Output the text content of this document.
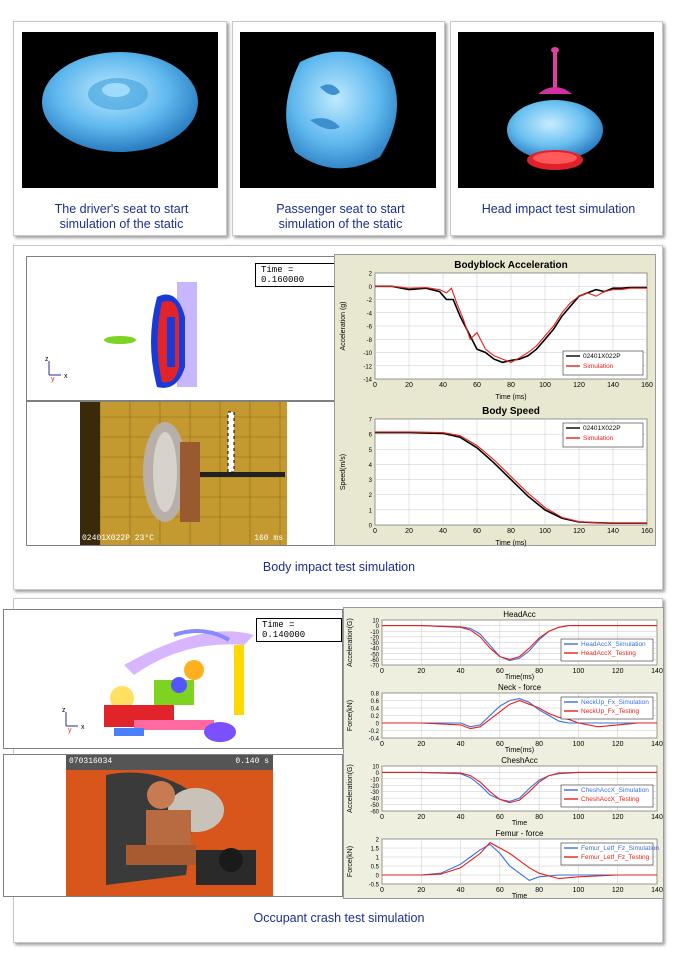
The driver's seat to start simulation of the static
Passenger seat to start simulation of the static
Head impact test simulation
Time = 0.160000
z
y x
02401X022P 23°C	160 ms
Bodyblock Acceleration
0	20	40	60	80	100	120	140	160
2
0
-2
-4
-6
-8
-10
-12
-14
Time (ms)
Acceleration (g)
02401X022P
Simulation
Body Speed
0	20	40	60	80	100	120	140	160
7
6
5
4
3
2
1
0
Time (ms)
Speed(m/s)
02401X022P
Simulation
Body impact test simulation
Time = 0.140000
z
y x
070316034	0.140 s
HeadAcc
0	20	40	60	80	100	120	140
10
0
-10
-20
-30
-40
-50
-60
-70
Time(ms)
Acceleration(G)	HeadAccX_Simulation
HeadAccX_Testing
Neck - force
0	20	40	60	80	100	120	140
0.8
0.6
0.4
0.2
0
-0.2
-0.4
Time(ms)
Force(kN)	NeckUp_Fx_Simulation
NeckUp_Fx_Testing
CheshAcc
0	20	40	60	80	100	120	140
10
0
-10
-20
-30
-40
-50
-60
Time
Acceleration(G)	CheshAccX_Simulation
CheshAccX_Testing
Femur - force
0	20	40	60	80	100	120	140
2
1.5
1
0.5
0
-0.5
Time
Force(kN)	Femur_Letf_Fz_Simulation
Femur_Letf_Fz_Testing
Occupant crash test simulation
